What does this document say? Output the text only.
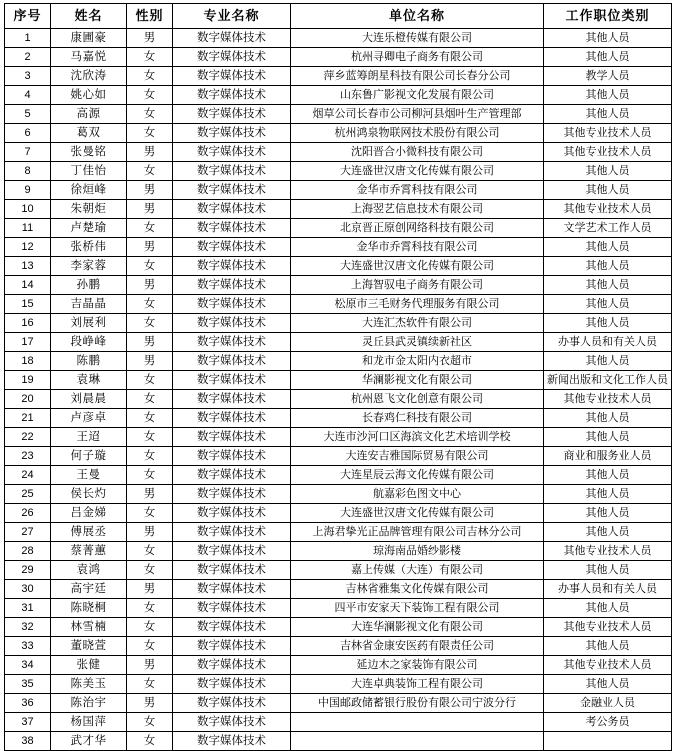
序号	姓名	性别	专业名称	单位名称	工作职位类别

1	康圃豪	男	数字媒体技术	大连乐橙传媒有限公司	其他人员

2	马嘉悦	女	数字媒体技术	杭州寻卿电子商务有限公司	其他人员

3	沈欣涛	女	数字媒体技术	萍乡蓝筹朗星科技有限公司长春分公司	教学人员

4	姚心如	女	数字媒体技术	山东鲁广影视文化发展有限公司	其他人员

5	高源	女	数字媒体技术	烟草公司长春市公司柳河县烟叶生产管理部	其他人员

6	葛双	女	数字媒体技术	杭州鸿泉物联网技术股份有限公司	其他专业技术人员

7	张曼铭	男	数字媒体技术	沈阳晋合小微科技有限公司	其他专业技术人员

8	丁佳怡	女	数字媒体技术	大连盛世汉唐文化传媒有限公司	其他人员

9	徐烜峰	男	数字媒体技术	金华市乔霄科技有限公司	其他人员

10	朱朝炬	男	数字媒体技术	上海翌艺信息技术有限公司	其他专业技术人员

11	卢楚瑜	女	数字媒体技术	北京晋正原创网络科技有限公司	文学艺术工作人员

12	张桥伟	男	数字媒体技术	金华市乔霄科技有限公司	其他人员

13	李家蓉	女	数字媒体技术	大连盛世汉唐文化传媒有限公司	其他人员

14	孙鹏	男	数字媒体技术	上海智驭电子商务有限公司	其他人员

15	吉晶晶	女	数字媒体技术	松原市三毛财务代理服务有限公司	其他人员

16	刘展利	女	数字媒体技术	大连汇杰软件有限公司	其他人员

17	段峥峰	男	数字媒体技术	灵丘县武灵镇续新社区	办事人员和有关人员

18	陈鹏	男	数字媒体技术	和龙市金太阳内衣超市	其他人员

19	袁琳	女	数字媒体技术	华澜影视文化有限公司	新闻出版和文化工作人员

20	刘晨晨	女	数字媒体技术	杭州恩飞文化创意有限公司	其他专业技术人员

21	卢彦卓	女	数字媒体技术	长春鸡仁科技有限公司	其他人员

22	王迢	女	数字媒体技术	大连市沙河口区海滨文化艺术培训学校	其他人员

23	何子璇	女	数字媒体技术	大连安吉雅国际贸易有限公司	商业和服务业人员

24	王曼	女	数字媒体技术	大连星辰云海文化传媒有限公司	其他人员

25	侯长灼	男	数字媒体技术	航嘉彩色图文中心	其他人员

26	吕金娣	女	数字媒体技术	大连盛世汉唐文化传媒有限公司	其他人员

27	傅展丞	男	数字媒体技术	上海君挚光正品牌管理有限公司吉林分公司	其他人员

28	蔡菁蕙	女	数字媒体技术	琼海南品婚纱影楼	其他专业技术人员

29	袁鸿	女	数字媒体技术	嘉上传媒（大连）有限公司	其他人员

30	高宇廷	男	数字媒体技术	吉林省雅集文化传媒有限公司	办事人员和有关人员

31	陈晓桐	女	数字媒体技术	四平市安家天下装饰工程有限公司	其他人员

32	林雪楠	女	数字媒体技术	大连华澜影视文化有限公司	其他专业技术人员

33	董晓萱	女	数字媒体技术	吉林省金康安医药有限责任公司	其他人员

34	张健	男	数字媒体技术	延边木之家装饰有限公司	其他专业技术人员

35	陈美玉	女	数字媒体技术	大连卓典装饰工程有限公司	其他人员

36	陈治宇	男	数字媒体技术	中国邮政储蓄银行股份有限公司宁波分行	金融业人员

37	杨国萍	女	数字媒体技术		考公务员

38	武才华	女	数字媒体技术		
